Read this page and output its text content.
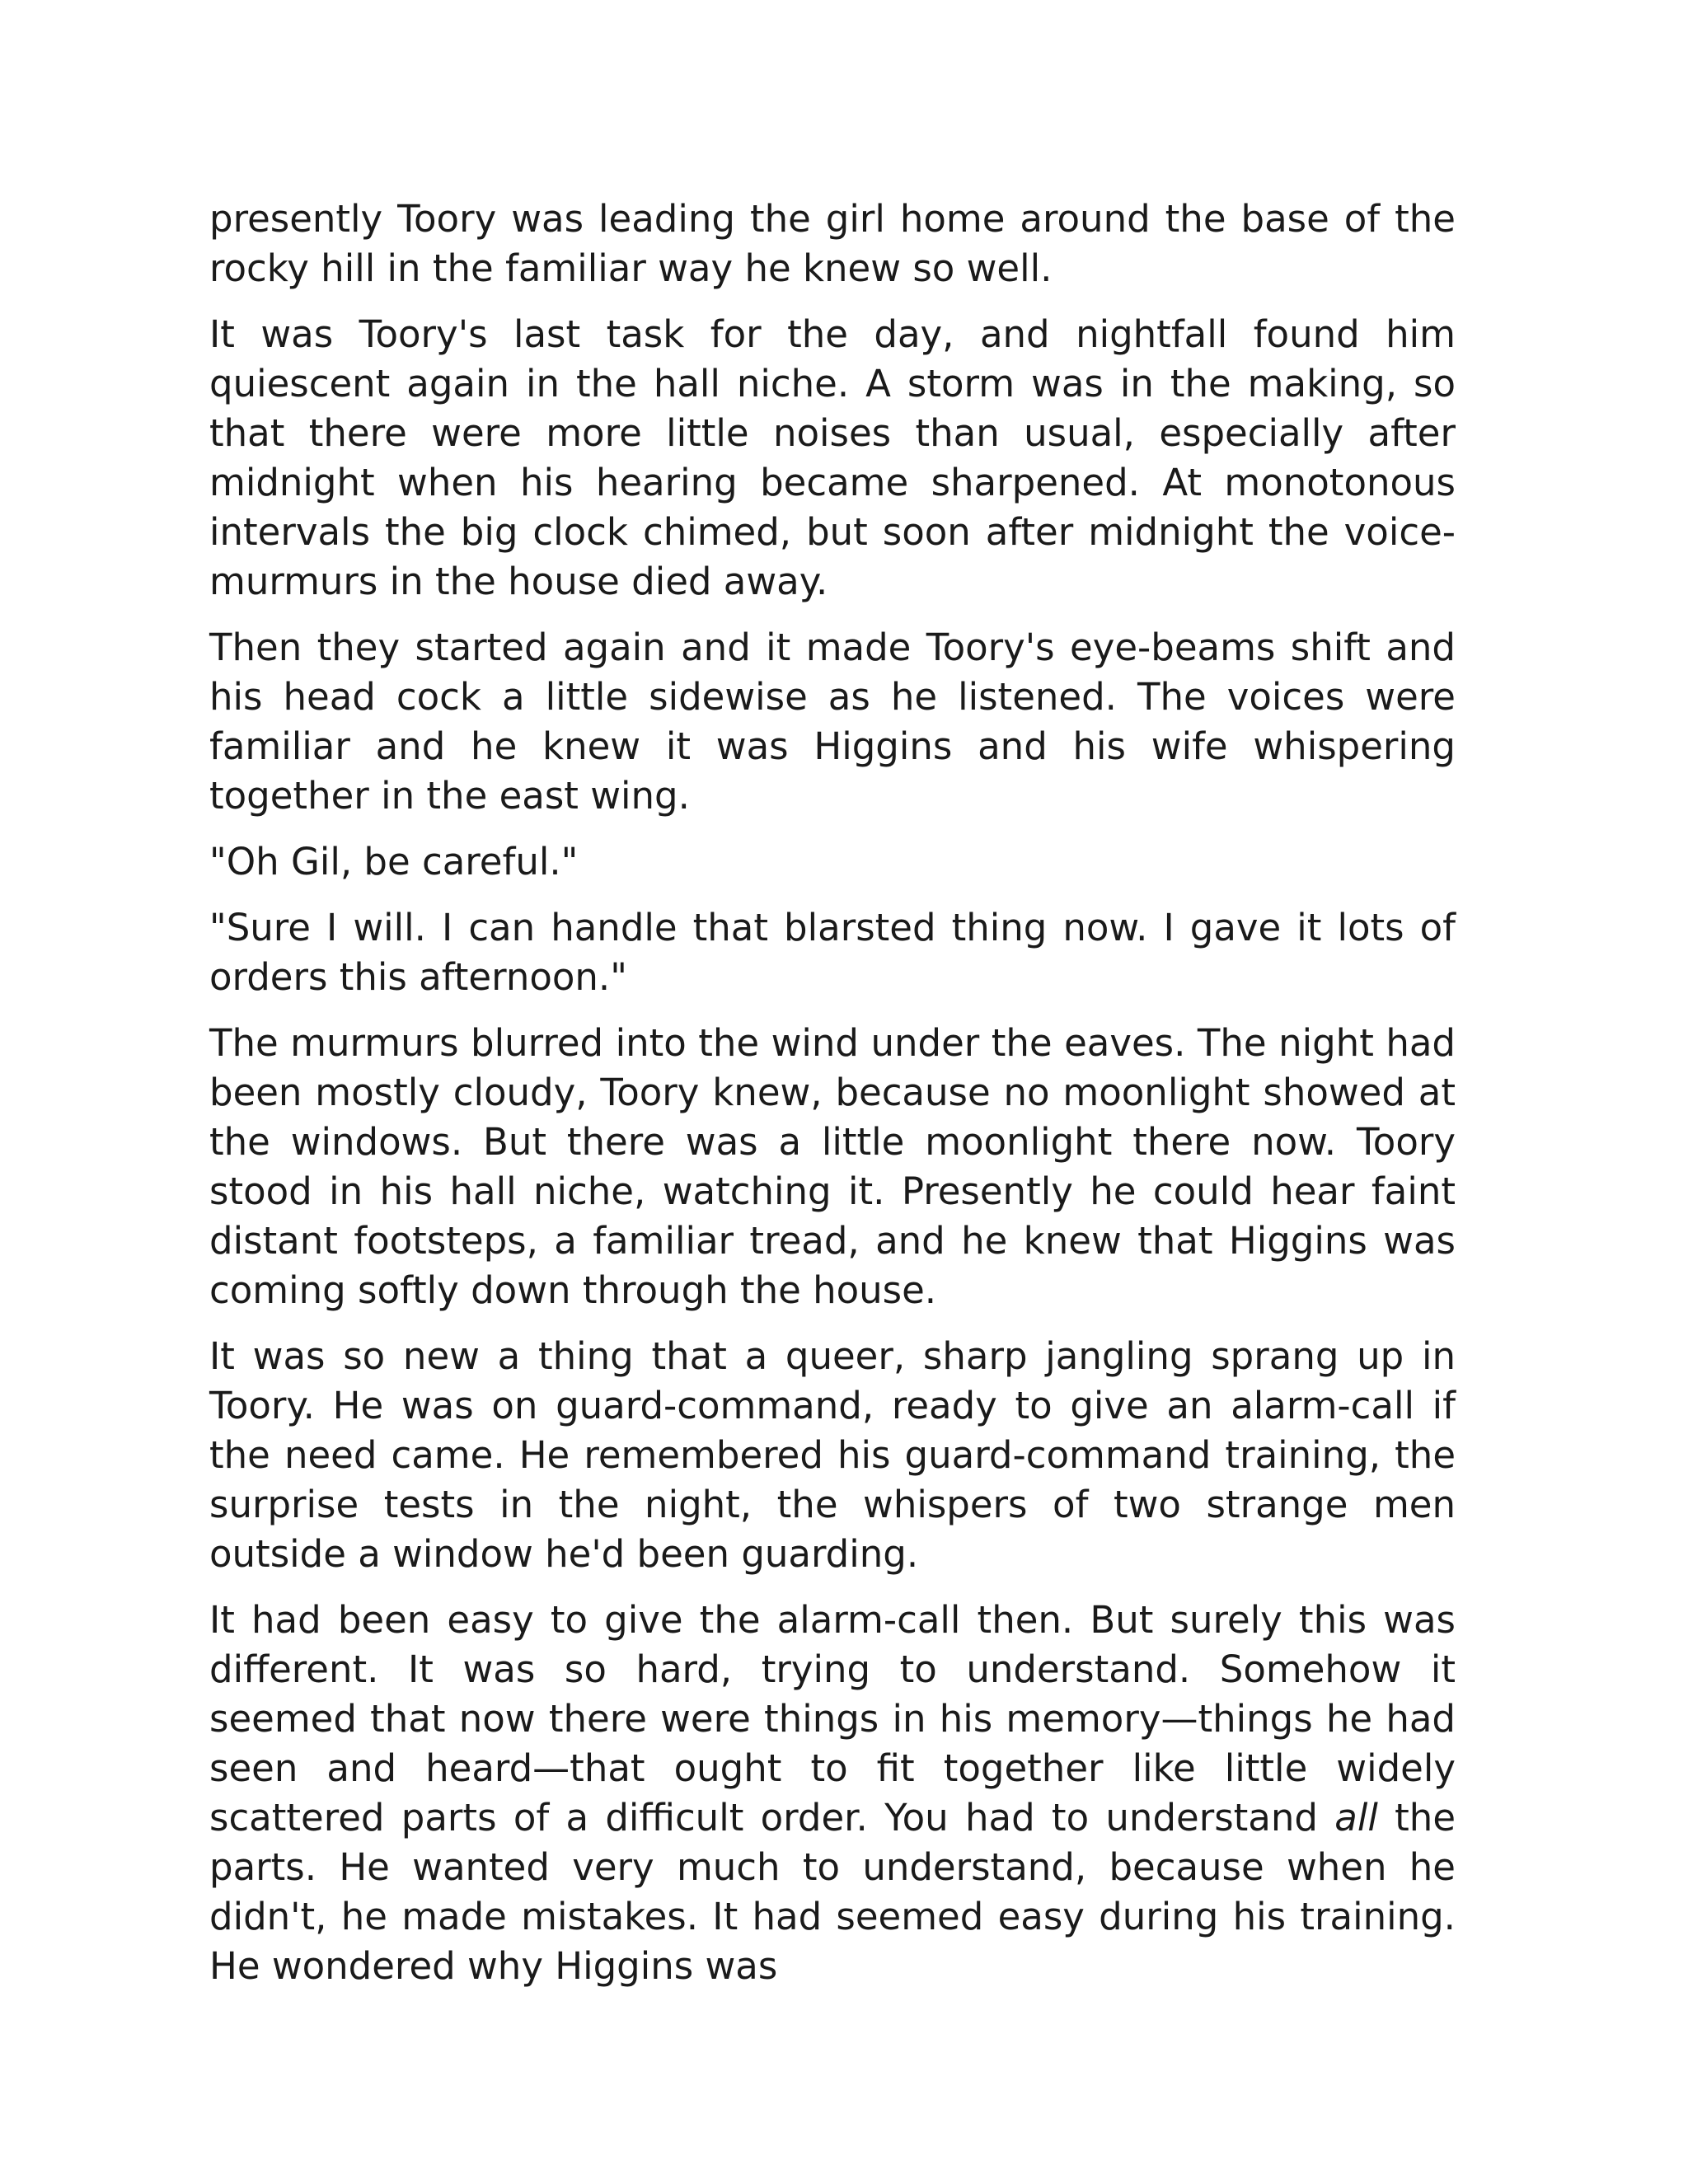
presently Toory was leading the girl home around the base of the rocky hill in the familiar way he knew so well.

It was Toory's last task for the day, and nightfall found him quiescent again in the hall niche. A storm was in the making, so that there were more little noises than usual, especially after midnight when his hearing became sharpened. At monotonous intervals the big clock chimed, but soon after midnight the voice-murmurs in the house died away.

Then they started again and it made Toory's eye-beams shift and his head cock a little sidewise as he listened. The voices were familiar and he knew it was Higgins and his wife whispering together in the east wing.

"Oh Gil, be careful."

"Sure I will. I can handle that blarsted thing now. I gave it lots of orders this afternoon."

The murmurs blurred into the wind under the eaves. The night had been mostly cloudy, Toory knew, because no moonlight showed at the windows. But there was a little moonlight there now. Toory stood in his hall niche, watching it. Presently he could hear faint distant footsteps, a familiar tread, and he knew that Higgins was coming softly down through the house.

It was so new a thing that a queer, sharp jangling sprang up in Toory. He was on guard-command, ready to give an alarm-call if the need came. He remembered his guard-command training, the surprise tests in the night, the whispers of two strange men outside a window he'd been guarding.

It had been easy to give the alarm-call then. But surely this was different. It was so hard, trying to understand. Somehow it seemed that now there were things in his memory—things he had seen and heard—that ought to fit together like little widely scattered parts of a difficult order. You had to understand all the parts. He wanted very much to understand, because when he didn't, he made mistakes. It had seemed easy during his training. He wondered why Higgins was
